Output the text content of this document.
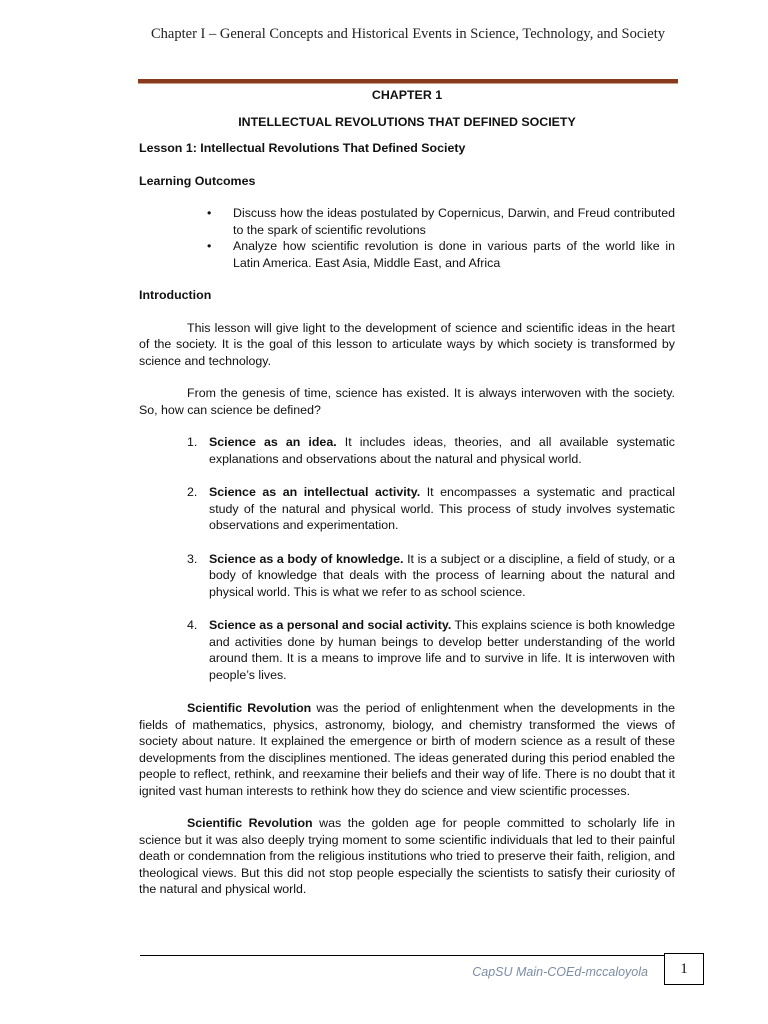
Chapter I – General Concepts and Historical Events in Science, Technology, and Society

CHAPTER 1

INTELLECTUAL REVOLUTIONS THAT DEFINED SOCIETY

Lesson 1: Intellectual Revolutions That Defined Society

Learning Outcomes

• Discuss how the ideas postulated by Copernicus, Darwin, and Freud contributed to the spark of scientific revolutions
• Analyze how scientific revolution is done in various parts of the world like in Latin America. East Asia, Middle East, and Africa

Introduction

This lesson will give light to the development of science and scientific ideas in the heart of the society. It is the goal of this lesson to articulate ways by which society is transformed by science and technology.

From the genesis of time, science has existed. It is always interwoven with the society. So, how can science be defined?

1. Science as an idea. It includes ideas, theories, and all available systematic explanations and observations about the natural and physical world.
2. Science as an intellectual activity. It encompasses a systematic and practical study of the natural and physical world. This process of study involves systematic observations and experimentation.
3. Science as a body of knowledge. It is a subject or a discipline, a field of study, or a body of knowledge that deals with the process of learning about the natural and physical world. This is what we refer to as school science.
4. Science as a personal and social activity. This explains science is both knowledge and activities done by human beings to develop better understanding of the world around them. It is a means to improve life and to survive in life. It is interwoven with people’s lives.

Scientific Revolution was the period of enlightenment when the developments in the fields of mathematics, physics, astronomy, biology, and chemistry transformed the views of society about nature. It explained the emergence or birth of modern science as a result of these developments from the disciplines mentioned. The ideas generated during this period enabled the people to reflect, rethink, and reexamine their beliefs and their way of life. There is no doubt that it ignited vast human interests to rethink how they do science and view scientific processes.

Scientific Revolution was the golden age for people committed to scholarly life in science but it was also deeply trying moment to some scientific individuals that led to their painful death or condemnation from the religious institutions who tried to preserve their faith, religion, and theological views. But this did not stop people especially the scientists to satisfy their curiosity of the natural and physical world.

CapSU Main-COEd-mccaloyola	1
